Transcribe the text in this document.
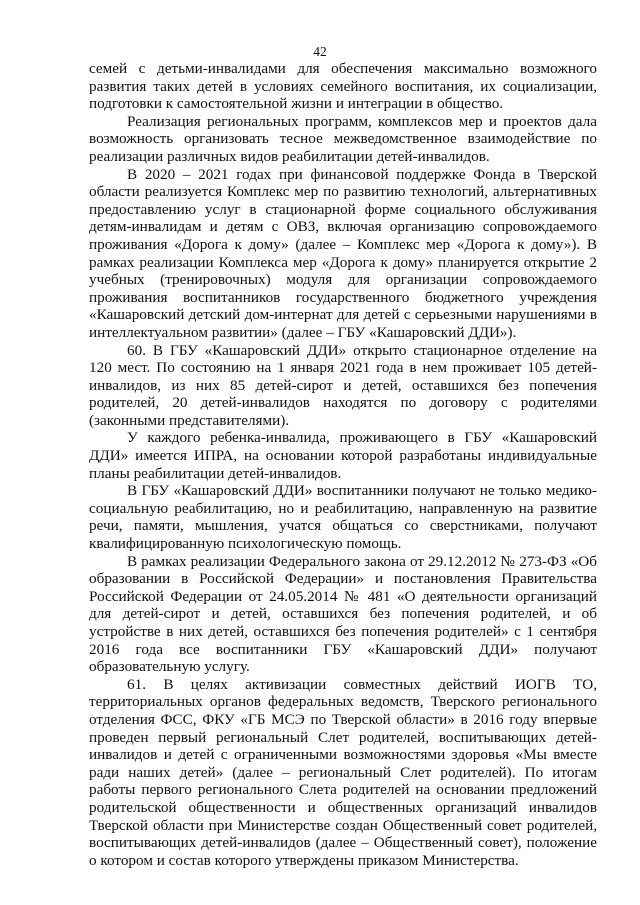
42

семей с детьми-инвалидами для обеспечения максимально возможного развития таких детей в условиях семейного воспитания, их социализации, подготовки к самостоятельной жизни и интеграции в общество.

Реализация региональных программ, комплексов мер и проектов дала возможность организовать тесное межведомственное взаимодействие по реализации различных видов реабилитации детей-инвалидов.

В 2020 – 2021 годах при финансовой поддержке Фонда в Тверской области реализуется Комплекс мер по развитию технологий, альтернативных предоставлению услуг в стационарной форме социального обслуживания детям-инвалидам и детям с ОВЗ, включая организацию сопровождаемого проживания «Дорога к дому» (далее – Комплекс мер «Дорога к дому»). В рамках реализации Комплекса мер «Дорога к дому» планируется открытие 2 учебных (тренировочных) модуля для организации сопровождаемого проживания воспитанников государственного бюджетного учреждения «Кашаровский детский дом-интернат для детей с серьезными нарушениями в интеллектуальном развитии» (далее – ГБУ «Кашаровский ДДИ»).

60. В ГБУ «Кашаровский ДДИ» открыто стационарное отделение на 120 мест. По состоянию на 1 января 2021 года в нем проживает 105 детей-инвалидов, из них 85 детей-сирот и детей, оставшихся без попечения родителей, 20 детей-инвалидов находятся по договору с родителями (законными представителями).

У каждого ребенка-инвалида, проживающего в ГБУ «Кашаровский ДДИ» имеется ИПРА, на основании которой разработаны индивидуальные планы реабилитации детей-инвалидов.

В ГБУ «Кашаровский ДДИ» воспитанники получают не только медико-социальную реабилитацию, но и реабилитацию, направленную на развитие речи, памяти, мышления, учатся общаться со сверстниками, получают квалифицированную психологическую помощь.

В рамках реализации Федерального закона от 29.12.2012 № 273-ФЗ «Об образовании в Российской Федерации» и постановления Правительства Российской Федерации от 24.05.2014 № 481 «О деятельности организаций для детей-сирот и детей, оставшихся без попечения родителей, и об устройстве в них детей, оставшихся без попечения родителей» с 1 сентября 2016 года все воспитанники ГБУ «Кашаровский ДДИ» получают образовательную услугу.

61. В целях активизации совместных действий ИОГВ ТО, территориальных органов федеральных ведомств, Тверского регионального отделения ФСС, ФКУ «ГБ МСЭ по Тверской области» в 2016 году впервые проведен первый региональный Слет родителей, воспитывающих детей-инвалидов и детей с ограниченными возможностями здоровья «Мы вместе ради наших детей» (далее – региональный Слет родителей). По итогам работы первого регионального Слета родителей на основании предложений родительской общественности и общественных организаций инвалидов Тверской области при Министерстве создан Общественный совет родителей, воспитывающих детей-инвалидов (далее – Общественный совет), положение о котором и состав которого утверждены приказом Министерства.
